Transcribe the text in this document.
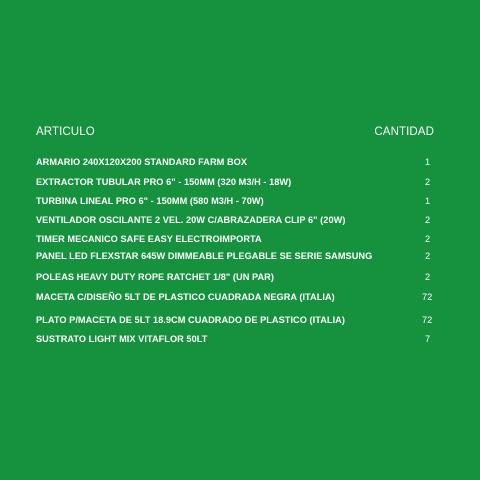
ARTICULO	CANTIDAD
ARMARIO 240X120X200 STANDARD FARM BOX	1
EXTRACTOR TUBULAR PRO 6" - 150MM (320 M3/H - 18W)	2
TURBINA LINEAL PRO 6" - 150MM (580 M3/H - 70W)	1
VENTILADOR OSCILANTE 2 VEL. 20W C/ABRAZADERA CLIP 6" (20W)	2
TIMER MECANICO SAFE EASY ELECTROIMPORTA	2
PANEL LED FLEXSTAR 645W DIMMEABLE PLEGABLE SE SERIE SAMSUNG	2
POLEAS HEAVY DUTY ROPE RATCHET 1/8" (UN PAR)	2
MACETA C/DISEÑO 5LT DE PLASTICO CUADRADA NEGRA (ITALIA)	72
PLATO P/MACETA DE 5LT 18.9CM CUADRADO DE PLASTICO (ITALIA)	72
SUSTRATO LIGHT MIX VITAFLOR 50LT	7
